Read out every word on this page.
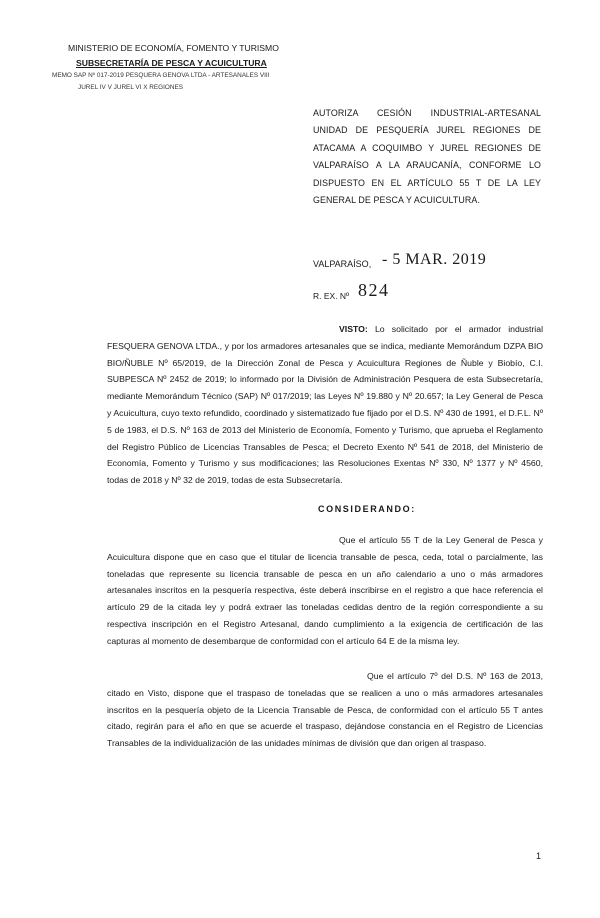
MINISTERIO DE ECONOMÍA, FOMENTO Y TURISMO
SUBSECRETARÍA DE PESCA Y ACUICULTURA
MEMO SAP Nº 017-2019 PESQUERA GENOVA LTDA - ARTESANALES VIII
JUREL IV V JUREL VI X REGIONES
AUTORIZA CESIÓN INDUSTRIAL-ARTESANAL UNIDAD DE PESQUERÍA JUREL REGIONES DE ATACAMA A COQUIMBO Y JUREL REGIONES DE VALPARAÍSO A LA ARAUCANÍA, CONFORME LO DISPUESTO EN EL ARTÍCULO 55 T DE LA LEY GENERAL DE PESCA Y ACUICULTURA.
VALPARAÍSO, - 5 MAR. 2019
R. EX. Nº 824
VISTO: Lo solicitado por el armador industrial FESQUERA GENOVA LTDA., y por los armadores artesanales que se indica, mediante Memorándum DZPA BIO BIO/ÑUBLE Nº 65/2019, de la Dirección Zonal de Pesca y Acuicultura Regiones de Ñuble y Biobío, C.I. SUBPESCA Nº 2452 de 2019; lo informado por la División de Administración Pesquera de esta Subsecretaría, mediante Memorándum Técnico (SAP) Nº 017/2019; las Leyes Nº 19.880 y Nº 20.657; la Ley General de Pesca y Acuicultura, cuyo texto refundido, coordinado y sistematizado fue fijado por el D.S. Nº 430 de 1991, el D.F.L. Nº 5 de 1983, el D.S. Nº 163 de 2013 del Ministerio de Economía, Fomento y Turismo, que aprueba el Reglamento del Registro Público de Licencias Transables de Pesca; el Decreto Exento Nº 541 de 2018, del Ministerio de Economía, Fomento y Turismo y sus modificaciones; las Resoluciones Exentas Nº 330, Nº 1377 y Nº 4560, todas de 2018 y Nº 32 de 2019, todas de esta Subsecretaría.
CONSIDERANDO:
Que el artículo 55 T de la Ley General de Pesca y Acuicultura dispone que en caso que el titular de licencia transable de pesca, ceda, total o parcialmente, las toneladas que represente su licencia transable de pesca en un año calendario a uno o más armadores artesanales inscritos en la pesquería respectiva, éste deberá inscribirse en el registro a que hace referencia el artículo 29 de la citada ley y podrá extraer las toneladas cedidas dentro de la región correspondiente a su respectiva inscripción en el Registro Artesanal, dando cumplimiento a la exigencia de certificación de las capturas al momento de desembarque de conformidad con el artículo 64 E de la misma ley.
Que el artículo 7º del D.S. Nº 163 de 2013, citado en Visto, dispone que el traspaso de toneladas que se realicen a uno o más armadores artesanales inscritos en la pesquería objeto de la Licencia Transable de Pesca, de conformidad con el artículo 55 T antes citado, regirán para el año en que se acuerde el traspaso, dejándose constancia en el Registro de Licencias Transables de la individualización de las unidades mínimas de división que dan origen al traspaso.
1
